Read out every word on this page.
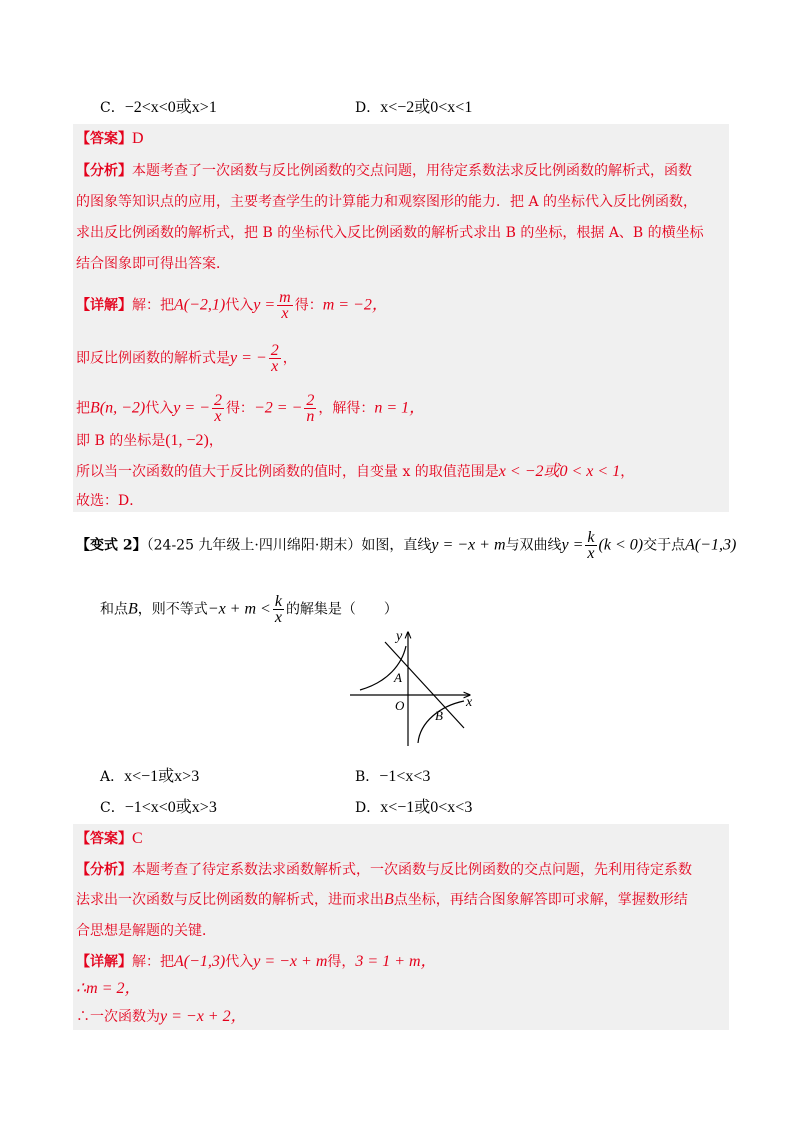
C．−2<x<0或x>1	D．x<−2或0<x<1
【答案】D
【分析】本题考查了一次函数与反比例函数的交点问题，用待定系数法求反比例函数的解析式，函数
的图象等知识点的应用，主要考查学生的计算能力和观察图形的能力．把 A 的坐标代入反比例函数，
求出反比例函数的解析式，把 B 的坐标代入反比例函数的解析式求出 B 的坐标，根据 A、B 的横坐标
结合图象即可得出答案．
【详解】解：把A(−2,1)代入$y = \frac{m}{x}$ 得：m = −2，
即反比例函数的解析式是y = − $\frac{2}{x}$ ，
把B(n, −2)代入y = − $\frac{2}{x}$ 得：−2 = − $\frac{2}{n}$ ，解得：n = 1，
即 B 的坐标是(1, −2)，
所以当一次函数的值大于反比例函数的值时，自变量 x 的取值范围是x < −2或0 < x < 1，
故选：D．
【变式 2】（24-25 九年级上·四川绵阳·期末）如图，直线y = −x + m与双曲线$y = \frac{k}{x} (k < 0)$交于点A(−1,3)
和点B，则不等式$-x + m < \frac{k}{x}$ 的解集是（　　）
y
x
O
A
B
A．x<−1或x>3	B．−1<x<3
C．−1<x<0或x>3	D．x<−1或0<x<3
【答案】C
【分析】本题考查了待定系数法求函数解析式，一次函数与反比例函数的交点问题，先利用待定系数
法求出一次函数与反比例函数的解析式，进而求出B点坐标，再结合图象解答即可求解，掌握数形结
合思想是解题的关键．
【详解】解：把A(−1,3)代入y = −x + m得，3 = 1 + m，
∴m = 2，
∴一次函数为y = −x + 2，
